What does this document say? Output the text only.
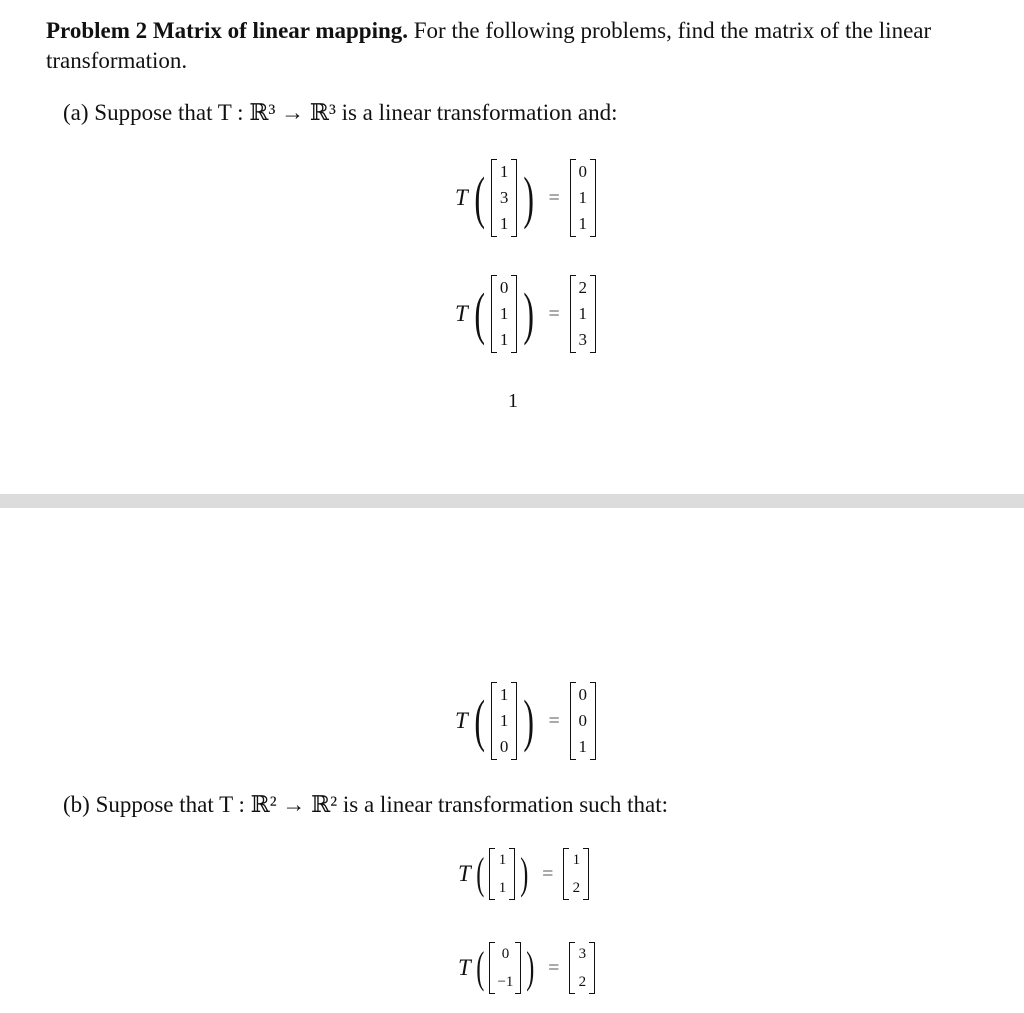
Problem 2 Matrix of linear mapping. For the following problems, find the matrix of the linear transformation.

(a) Suppose that T : ℝ³ → ℝ³ is a linear transformation and:

T ( 1
3
1 ) =
0
1
1
T ( 0
1
1 ) =
2
1
3
1
T ( 1
1
0 ) =
0
0
1

(b) Suppose that T : ℝ² → ℝ² is a linear transformation such that:

T ( 1
1 ) =
1
2
T ( 0
−1 ) =
3
2
